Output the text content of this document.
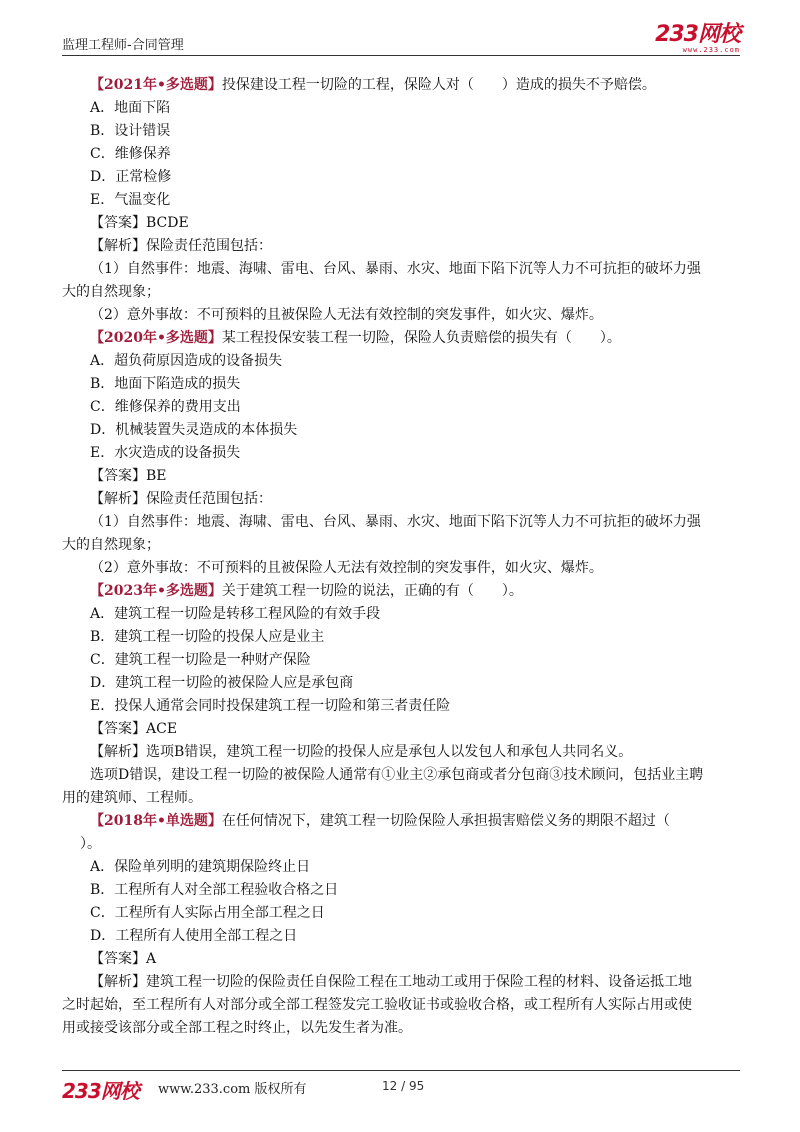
监理工程师-合同管理	233网校
www.233.com
【2021年•多选题】投保建设工程一切险的工程，保险人对（　　）造成的损失不予赔偿。
A．地面下陷
B．设计错误
C．维修保养
D．正常检修
E．气温变化
【答案】BCDE
【解析】保险责任范围包括：
（1）自然事件：地震、海啸、雷电、台风、暴雨、水灾、地面下陷下沉等人力不可抗拒的破坏力强
大的自然现象；
（2）意外事故：不可预料的且被保险人无法有效控制的突发事件，如火灾、爆炸。
【2020年•多选题】某工程投保安装工程一切险，保险人负责赔偿的损失有（　　）。
A．超负荷原因造成的设备损失
B．地面下陷造成的损失
C．维修保养的费用支出
D．机械装置失灵造成的本体损失
E．水灾造成的设备损失
【答案】BE
【解析】保险责任范围包括：
（1）自然事件：地震、海啸、雷电、台风、暴雨、水灾、地面下陷下沉等人力不可抗拒的破坏力强
大的自然现象；
（2）意外事故：不可预料的且被保险人无法有效控制的突发事件，如火灾、爆炸。
【2023年•多选题】关于建筑工程一切险的说法，正确的有（　　）。
A．建筑工程一切险是转移工程风险的有效手段
B．建筑工程一切险的投保人应是业主
C．建筑工程一切险是一种财产保险
D．建筑工程一切险的被保险人应是承包商
E．投保人通常会同时投保建筑工程一切险和第三者责任险
【答案】ACE
【解析】选项B错误，建筑工程一切险的投保人应是承包人以发包人和承包人共同名义。
选项D错误，建设工程一切险的被保险人通常有①业主②承包商或者分包商③技术顾问，包括业主聘
用的建筑师、工程师。
【2018年•单选题】在任何情况下，建筑工程一切险保险人承担损害赔偿义务的期限不超过（
）。
A．保险单列明的建筑期保险终止日
B．工程所有人对全部工程验收合格之日
C．工程所有人实际占用全部工程之日
D．工程所有人使用全部工程之日
【答案】A
【解析】建筑工程一切险的保险责任自保险工程在工地动工或用于保险工程的材料、设备运抵工地
之时起始，至工程所有人对部分或全部工程签发完工验收证书或验收合格，或工程所有人实际占用或使
用或接受该部分或全部工程之时终止，以先发生者为准。
233网校 www.233.com 版权所有	12 / 95
